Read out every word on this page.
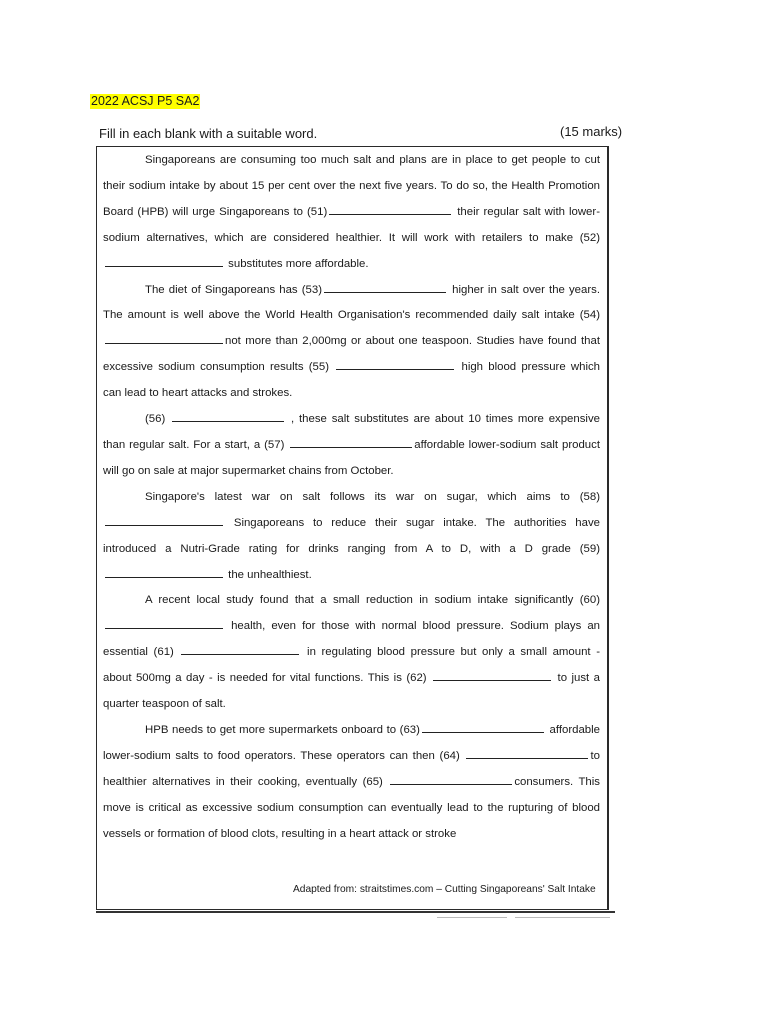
2022 ACSJ P5 SA2
Fill in each blank with a suitable word.	(15 marks)

Singaporeans are consuming too much salt and plans are in place to get people to cut their sodium intake by about 15 per cent over the next five years. To do so, the Health Promotion Board (HPB) will urge Singaporeans to (51)	their regular salt with lower-sodium alternatives, which are considered healthier. It will work with retailers to make (52)  substitutes more affordable.

The diet of Singaporeans has (53)	higher in salt over the years. The amount is well above the World Health Organisation's recommended daily salt intake (54) not more than 2,000mg or about one teaspoon. Studies have found that excessive sodium consumption results (55)	high blood pressure which can lead to heart attacks and strokes.

(56)	, these salt substitutes are about 10 times more expensive than regular salt. For a start, a (57)	affordable lower-sodium salt product will go on sale at major supermarket chains from October.

Singapore's latest war on salt follows its war on sugar, which aims to (58)  Singaporeans to reduce their sugar intake. The authorities have introduced a Nutri-Grade rating for drinks ranging from A to D, with a D grade (59)  the unhealthiest.

A recent local study found that a small reduction in sodium intake significantly (60) health, even for those with normal blood pressure. Sodium plays an essential (61)	in regulating blood pressure but only a small amount - about 500mg a day - is needed for vital functions. This is (62)	to just a quarter teaspoon of salt.

HPB needs to get more supermarkets onboard to (63)	affordable lower-sodium salts to food operators. These operators can then (64)	to healthier alternatives in their cooking, eventually (65)	consumers. This move is critical as excessive sodium consumption can eventually lead to the rupturing of blood vessels or formation of blood clots, resulting in a heart attack or stroke

Adapted from: straitstimes.com – Cutting Singaporeans' Salt Intake
